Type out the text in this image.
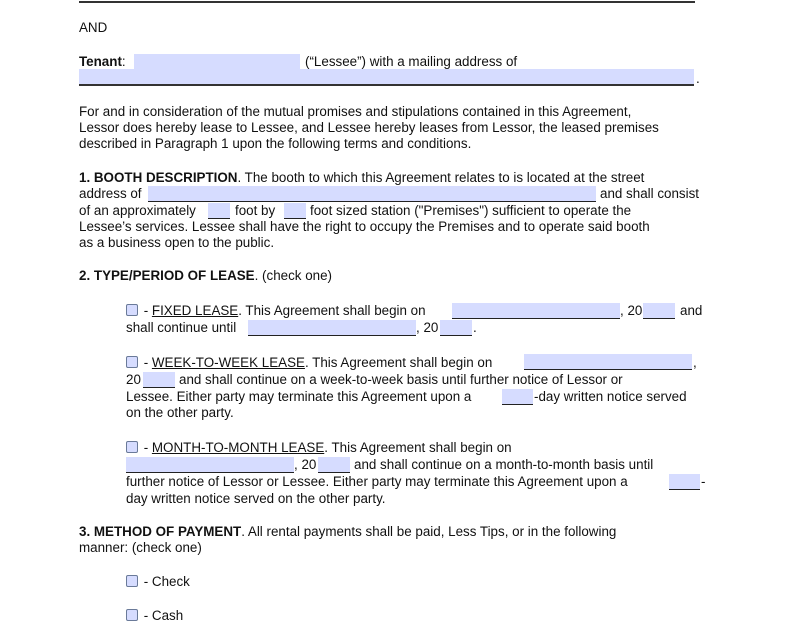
AND
Tenant:	(“Lessee”) with a mailing address of
.
For and in consideration of the mutual promises and stipulations contained in this Agreement,
Lessor does hereby lease to Lessee, and Lessee hereby leases from Lessor, the leased premises
described in Paragraph 1 upon the following terms and conditions.
1. BOOTH DESCRIPTION. The booth to which this Agreement relates to is located at the street
address of	and shall consist
of an approximately	foot by	foot sized station ("Premises") sufficient to operate the
Lessee’s services. Lessee shall have the right to occupy the Premises and to operate said booth
as a business open to the public.
2. TYPE/PERIOD OF LEASE. (check one)
- FIXED LEASE. This Agreement shall begin on	, 20	and
shall continue until	, 20	.
- WEEK-TO-WEEK LEASE. This Agreement shall begin on	,
20	and shall continue on a week-to-week basis until further notice of Lessor or
Lessee. Either party may terminate this Agreement upon a	-day written notice served
on the other party.
- MONTH-TO-MONTH LEASE. This Agreement shall begin on
, 20	and shall continue on a month-to-month basis until
further notice of Lessor or Lessee. Either party may terminate this Agreement upon a	-
day written notice served on the other party.
3. METHOD OF PAYMENT. All rental payments shall be paid, Less Tips, or in the following
manner: (check one)
- Check
- Cash
